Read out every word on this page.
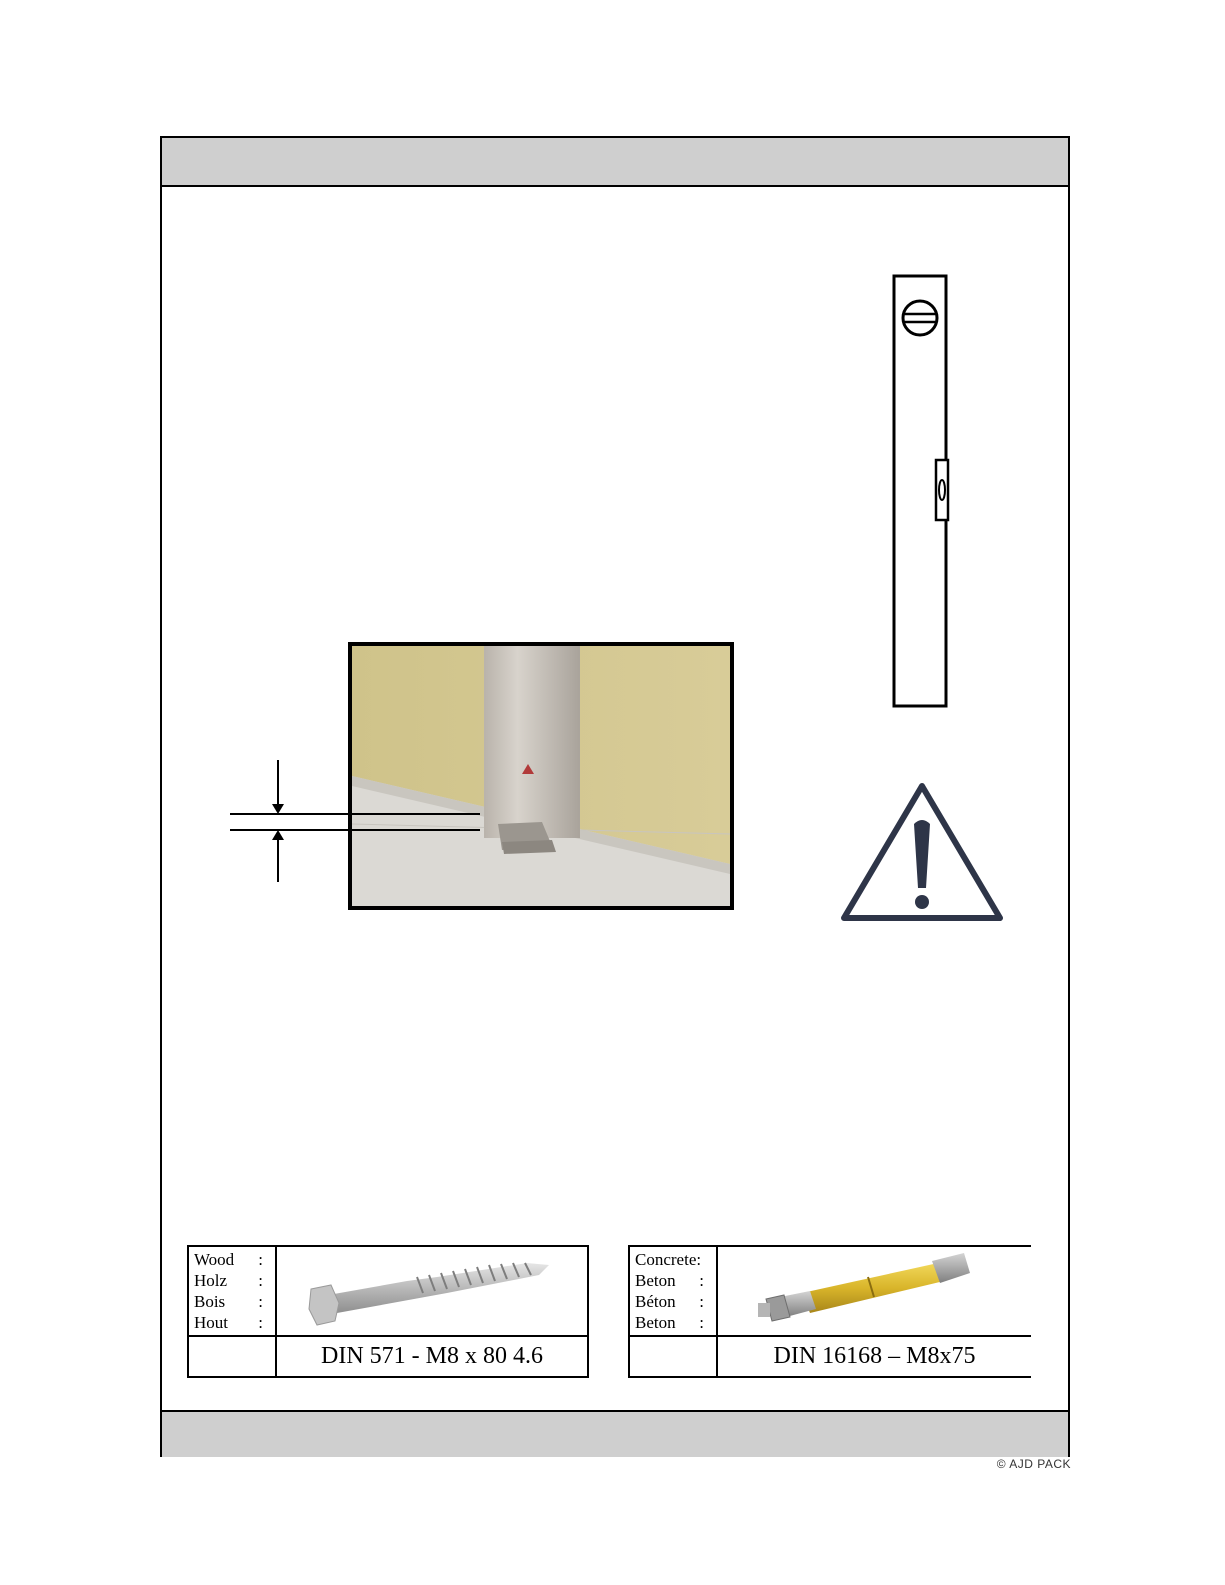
Wood :
Holz :
Bois :
Hout :
DIN 571 - M8 x 80 4.6
Concrete:
Beton :
Béton :
Beton :
DIN 16168 – M8x75
© AJD PACK
